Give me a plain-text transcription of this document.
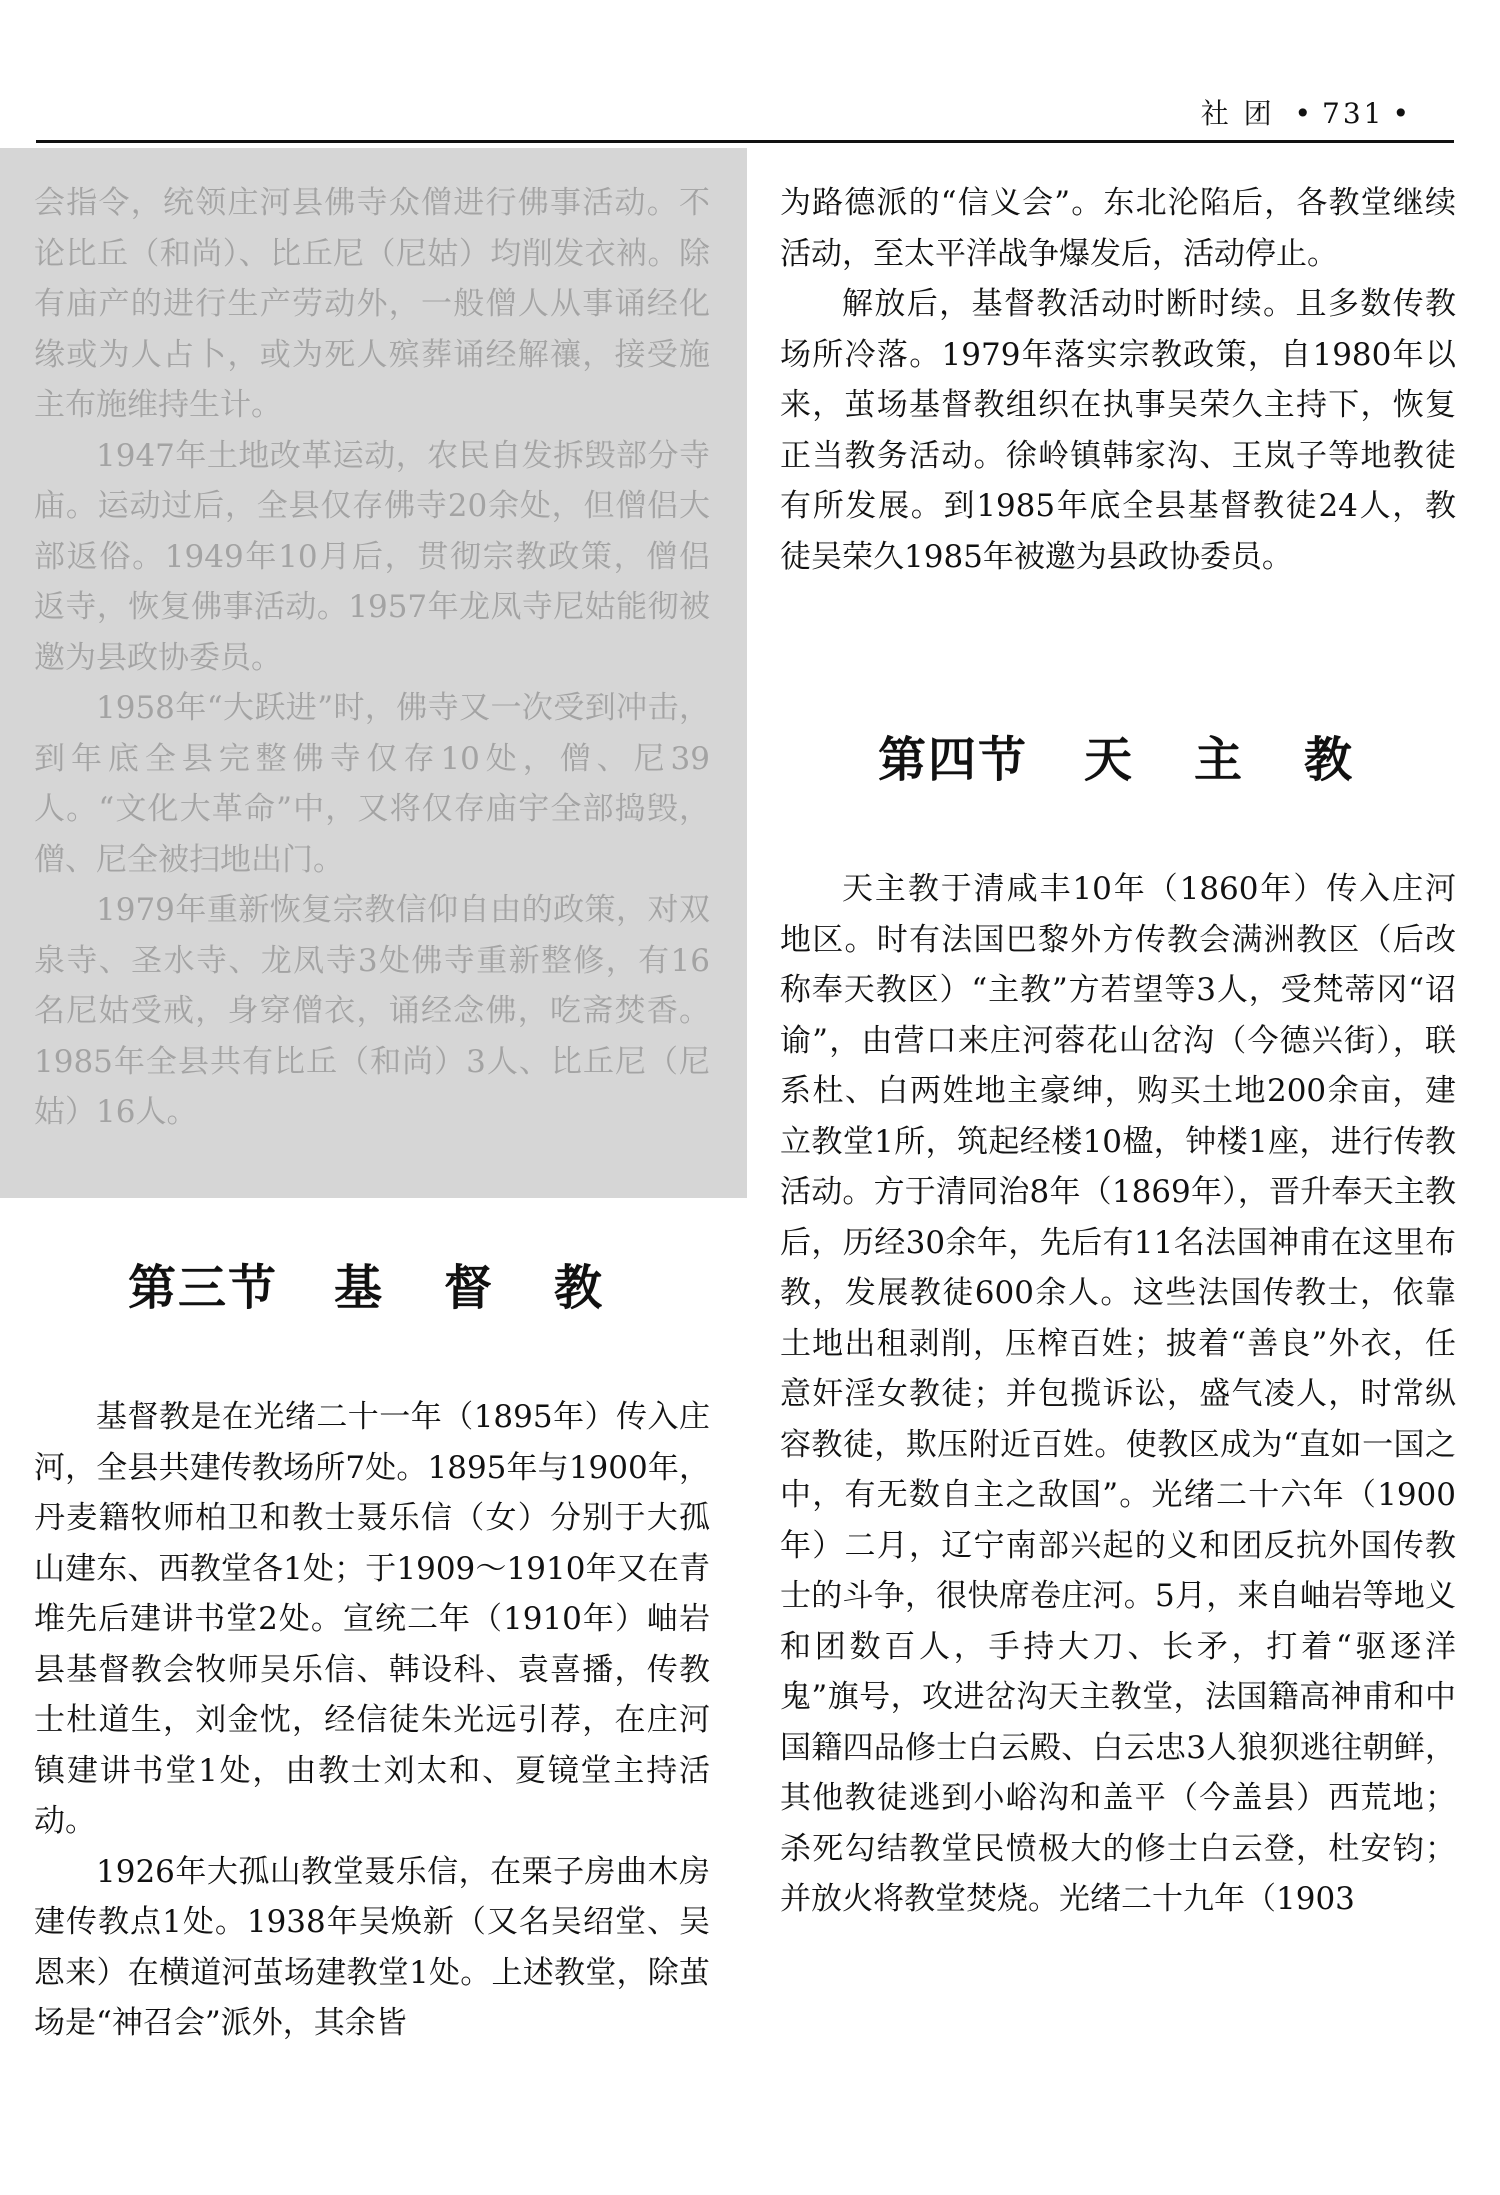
社 团 • 731 •

会指令，统领庄河县佛寺众僧进行佛事活动。不论比丘（和尚）、比丘尼（尼姑）均削发衣衲。除有庙产的进行生产劳动外，一般僧人从事诵经化缘或为人占卜，或为死人殡葬诵经解禳，接受施主布施维持生计。

1947年土地改革运动，农民自发拆毁部分寺庙。运动过后，全县仅存佛寺20余处，但僧侣大部返俗。1949年10月后，贯彻宗教政策，僧侣返寺，恢复佛事活动。1957年龙凤寺尼姑能彻被邀为县政协委员。

1958年“大跃进”时，佛寺又一次受到冲击，到年底全县完整佛寺仅存10处，僧、尼39人。“文化大革命”中，又将仅存庙宇全部捣毁，僧、尼全被扫地出门。

1979年重新恢复宗教信仰自由的政策，对双泉寺、圣水寺、龙凤寺3处佛寺重新整修，有16名尼姑受戒，身穿僧衣，诵经念佛，吃斋焚香。1985年全县共有比丘（和尚）3人、比丘尼（尼姑）16人。

第三节 基 督 教

基督教是在光绪二十一年（1895年）传入庄河，全县共建传教场所7处。1895年与1900年，丹麦籍牧师柏卫和教士聂乐信（女）分别于大孤山建东、西教堂各1处；于1909～1910年又在青堆先后建讲书堂2处。宣统二年（1910年）岫岩县基督教会牧师吴乐信、韩设科、袁喜播，传教士杜道生，刘金忱，经信徒朱光远引荐，在庄河镇建讲书堂1处，由教士刘太和、夏镜堂主持活动。

1926年大孤山教堂聂乐信，在栗子房曲木房建传教点1处。1938年吴焕新（又名吴绍堂、吴恩来）在横道河茧场建教堂1处。上述教堂，除茧场是“神召会”派外，其余皆

为路德派的“信义会”。东北沦陷后，各教堂继续活动，至太平洋战争爆发后，活动停止。

解放后，基督教活动时断时续。且多数传教场所冷落。1979年落实宗教政策，自1980年以来，茧场基督教组织在执事吴荣久主持下，恢复正当教务活动。徐岭镇韩家沟、王岚子等地教徒有所发展。到1985年底全县基督教徒24人，教徒吴荣久1985年被邀为县政协委员。

第四节 天 主 教

天主教于清咸丰10年（1860年）传入庄河地区。时有法国巴黎外方传教会满洲教区（后改称奉天教区）“主教”方若望等3人，受梵蒂冈“诏谕”，由营口来庄河蓉花山岔沟（今德兴街），联系杜、白两姓地主豪绅，购买土地200余亩，建立教堂1所，筑起经楼10楹，钟楼1座，进行传教活动。方于清同治8年（1869年），晋升奉天主教后，历经30余年，先后有11名法国神甫在这里布教，发展教徒600余人。这些法国传教士，依靠土地出租剥削，压榨百姓；披着“善良”外衣，任意奸淫女教徒；并包揽诉讼，盛气凌人，时常纵容教徒，欺压附近百姓。使教区成为“直如一国之中，有无数自主之敌国”。光绪二十六年（1900年）二月，辽宁南部兴起的义和团反抗外国传教士的斗争，很快席卷庄河。5月，来自岫岩等地义和团数百人，手持大刀、长矛，打着“驱逐洋鬼”旗号，攻进岔沟天主教堂，法国籍高神甫和中国籍四品修士白云殿、白云忠3人狼狈逃往朝鲜，其他教徒逃到小峪沟和盖平（今盖县）西荒地；杀死勾结教堂民愤极大的修士白云登，杜安钧；并放火将教堂焚烧。光绪二十九年（1903
